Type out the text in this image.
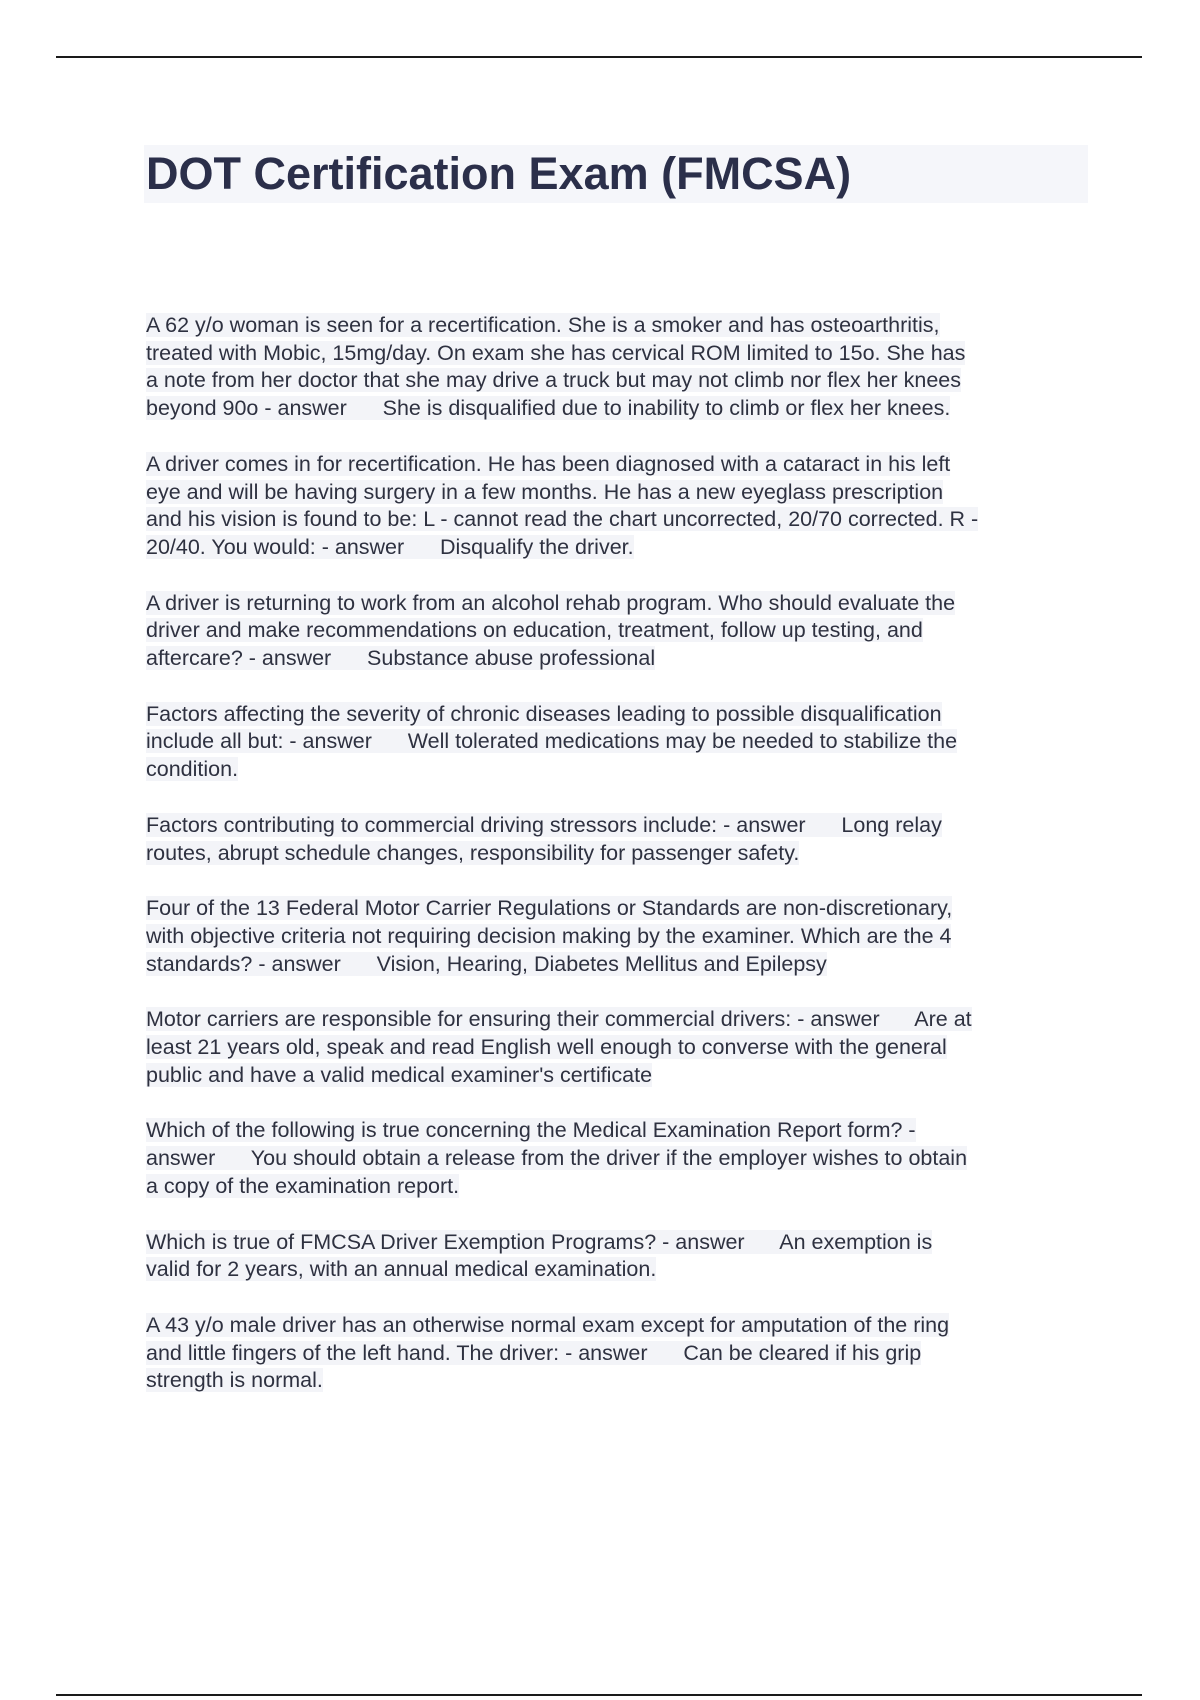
DOT Certification Exam (FMCSA)

A 62 y/o woman is seen for a recertification. She is a smoker and has osteoarthritis,
treated with Mobic, 15mg/day. On exam she has cervical ROM limited to 15o. She has
a note from her doctor that she may drive a truck but may not climb nor flex her knees
beyond 90o - answer      She is disqualified due to inability to climb or flex her knees.

A driver comes in for recertification. He has been diagnosed with a cataract in his left
eye and will be having surgery in a few months. He has a new eyeglass prescription
and his vision is found to be: L - cannot read the chart uncorrected, 20/70 corrected. R -
20/40. You would: - answer      Disqualify the driver.

A driver is returning to work from an alcohol rehab program. Who should evaluate the
driver and make recommendations on education, treatment, follow up testing, and
aftercare? - answer      Substance abuse professional

Factors affecting the severity of chronic diseases leading to possible disqualification
include all but: - answer      Well tolerated medications may be needed to stabilize the
condition.

Factors contributing to commercial driving stressors include: - answer      Long relay
routes, abrupt schedule changes, responsibility for passenger safety.

Four of the 13 Federal Motor Carrier Regulations or Standards are non-discretionary,
with objective criteria not requiring decision making by the examiner. Which are the 4
standards? - answer      Vision, Hearing, Diabetes Mellitus and Epilepsy

Motor carriers are responsible for ensuring their commercial drivers: - answer      Are at
least 21 years old, speak and read English well enough to converse with the general
public and have a valid medical examiner's certificate

Which of the following is true concerning the Medical Examination Report form? -
answer      You should obtain a release from the driver if the employer wishes to obtain
a copy of the examination report.

Which is true of FMCSA Driver Exemption Programs? - answer      An exemption is
valid for 2 years, with an annual medical examination.

A 43 y/o male driver has an otherwise normal exam except for amputation of the ring
and little fingers of the left hand. The driver: - answer      Can be cleared if his grip
strength is normal.
